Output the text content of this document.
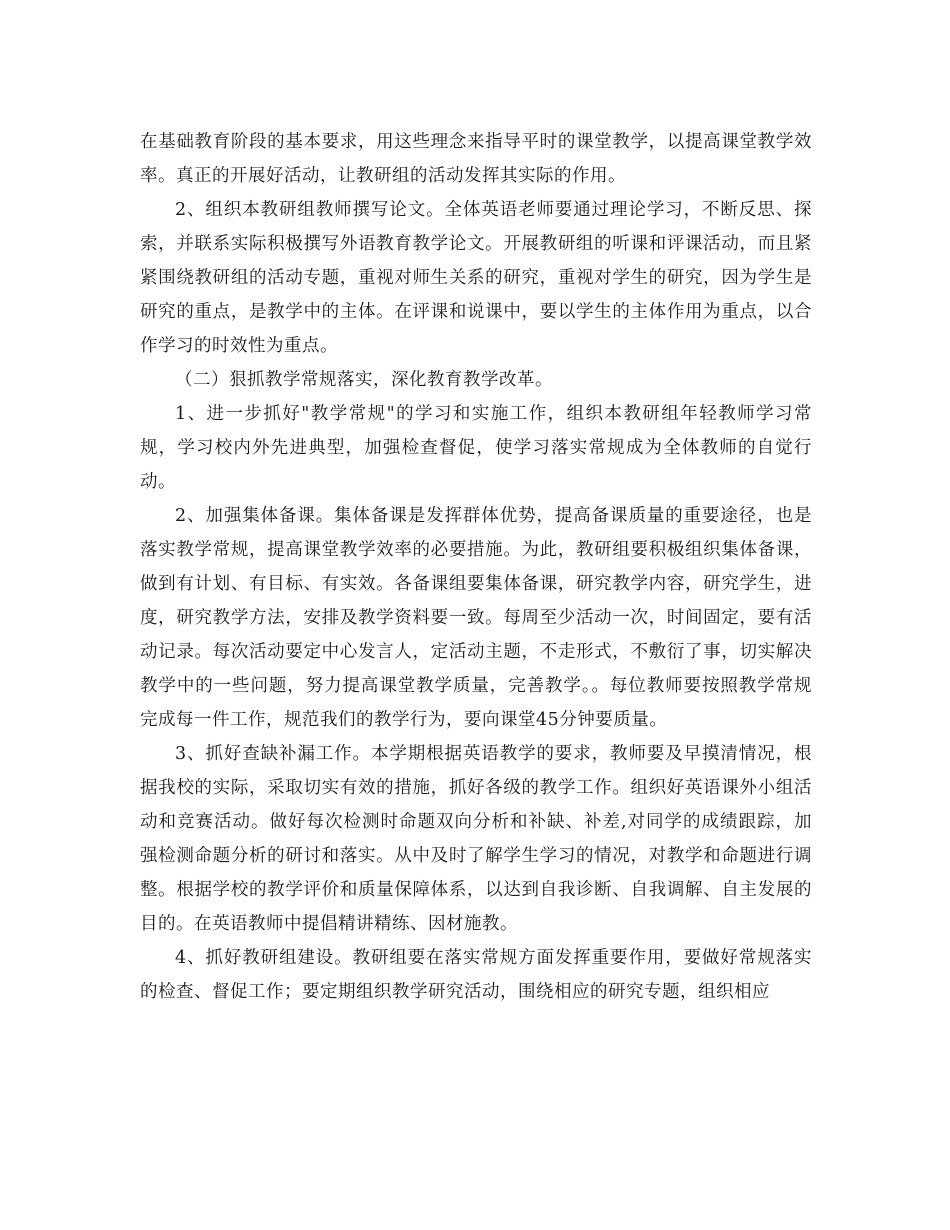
在基础教育阶段的基本要求，用这些理念来指导平时的课堂教学，以提高课堂教学效率。真正的开展好活动，让教研组的活动发挥其实际的作用。

2、组织本教研组教师撰写论文。全体英语老师要通过理论学习，不断反思、探索，并联系实际积极撰写外语教育教学论文。开展教研组的听课和评课活动，而且紧紧围绕教研组的活动专题，重视对师生关系的研究，重视对学生的研究，因为学生是研究的重点，是教学中的主体。在评课和说课中，要以学生的主体作用为重点，以合作学习的时效性为重点。

（二）狠抓教学常规落实，深化教育教学改革。

1、进一步抓好"教学常规"的学习和实施工作，组织本教研组年轻教师学习常规，学习校内外先进典型，加强检查督促，使学习落实常规成为全体教师的自觉行动。

2、加强集体备课。集体备课是发挥群体优势，提高备课质量的重要途径，也是落实教学常规，提高课堂教学效率的必要措施。为此，教研组要积极组织集体备课，做到有计划、有目标、有实效。各备课组要集体备课，研究教学内容，研究学生，进度，研究教学方法，安排及教学资料要一致。每周至少活动一次，时间固定，要有活动记录。每次活动要定中心发言人，定活动主题，不走形式，不敷衍了事，切实解决教学中的一些问题，努力提高课堂教学质量，完善教学。。每位教师要按照教学常规完成每一件工作，规范我们的教学行为，要向课堂45分钟要质量。

3、抓好查缺补漏工作。本学期根据英语教学的要求，教师要及早摸清情况，根据我校的实际，采取切实有效的措施，抓好各级的教学工作。组织好英语课外小组活动和竞赛活动。做好每次检测时命题双向分析和补缺、补差,对同学的成绩跟踪，加强检测命题分析的研讨和落实。从中及时了解学生学习的情况，对教学和命题进行调整。根据学校的教学评价和质量保障体系，以达到自我诊断、自我调解、自主发展的目的。在英语教师中提倡精讲精练、因材施教。

4、抓好教研组建设。教研组要在落实常规方面发挥重要作用，要做好常规落实的检查、督促工作；要定期组织教学研究活动，围绕相应的研究专题，组织相应
